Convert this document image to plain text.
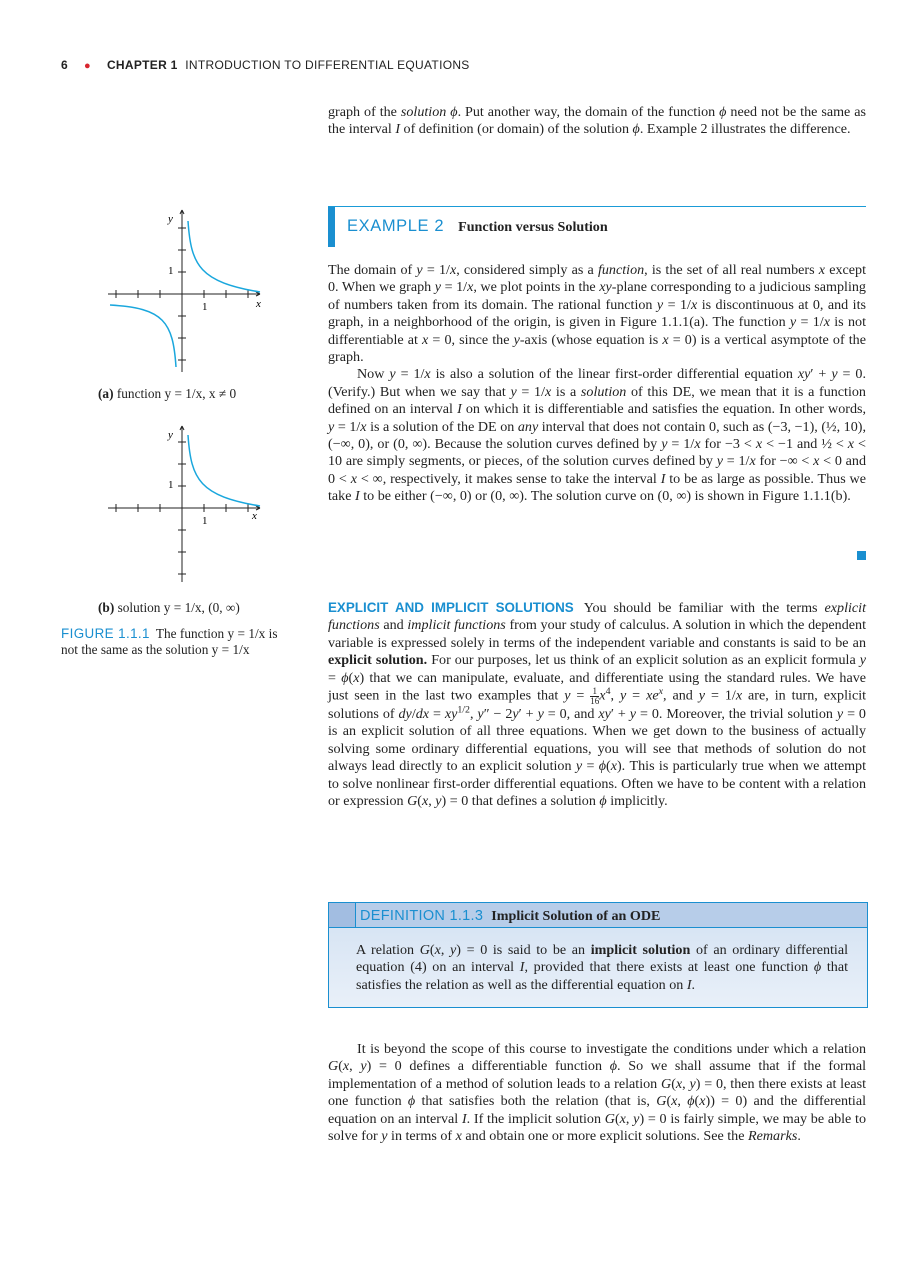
6 ● CHAPTER 1 INTRODUCTION TO DIFFERENTIAL EQUATIONS

graph of the solution ϕ. Put another way, the domain of the function ϕ need not be the same as the interval I of definition (or domain) of the solution ϕ. Example 2 illustrates the difference.

EXAMPLE 2 Function versus Solution

The domain of y = 1/x, considered simply as a function, is the set of all real numbers x except 0. When we graph y = 1/x, we plot points in the xy-plane corresponding to a judicious sampling of numbers taken from its domain. The rational function y = 1/x is discontinuous at 0, and its graph, in a neighborhood of the origin, is given in Figure 1.1.1(a). The function y = 1/x is not differentiable at x = 0, since the y-axis (whose equation is x = 0) is a vertical asymptote of the graph.

Now y = 1/x is also a solution of the linear first-order differential equation xy′ + y = 0. (Verify.) But when we say that y = 1/x is a solution of this DE, we mean that it is a function defined on an interval I on which it is differentiable and satisfies the equation. In other words, y = 1/x is a solution of the DE on any interval that does not contain 0, such as (−3, −1), (½, 10), (−∞, 0), or (0, ∞). Because the solution curves defined by y = 1/x for −3 < x < −1 and ½ < x < 10 are simply segments, or pieces, of the solution curves defined by y = 1/x for −∞ < x < 0 and 0 < x < ∞, respectively, it makes sense to take the interval I to be as large as possible. Thus we take I to be either (−∞, 0) or (0, ∞). The solution curve on (0, ∞) is shown in Figure 1.1.1(b).

y
x
1
1
(a) function y = 1/x, x ≠ 0
y
x
1
1
(b) solution y = 1/x, (0, ∞)
FIGURE 1.1.1 The function y = 1/x is not the same as the solution y = 1/x

EXPLICIT AND IMPLICIT SOLUTIONS You should be familiar with the terms explicit functions and implicit functions from your study of calculus. A solution in which the dependent variable is expressed solely in terms of the independent variable and constants is said to be an explicit solution. For our purposes, let us think of an explicit solution as an explicit formula y = ϕ(x) that we can manipulate, evaluate, and differentiate using the standard rules. We have just seen in the last two examples that $y = \frac{1}{16} x^4$, $y = xe^x$, and y = 1/x are, in turn, explicit solutions of $dy/dx = xy^{1/2}$, y″ − 2y′ + y = 0, and xy′ + y = 0. Moreover, the trivial solution y = 0 is an explicit solution of all three equations. When we get down to the business of actually solving some ordinary differential equations, you will see that methods of solution do not always lead directly to an explicit solution y = ϕ(x). This is particularly true when we attempt to solve nonlinear first-order differential equations. Often we have to be content with a relation or expression G(x, y) = 0 that defines a solution ϕ implicitly.

DEFINITION 1.1.3 Implicit Solution of an ODE
A relation G(x, y) = 0 is said to be an implicit solution of an ordinary differential equation (4) on an interval I, provided that there exists at least one function ϕ that satisfies the relation as well as the differential equation on I.

It is beyond the scope of this course to investigate the conditions under which a relation G(x, y) = 0 defines a differentiable function ϕ. So we shall assume that if the formal implementation of a method of solution leads to a relation G(x, y) = 0, then there exists at least one function ϕ that satisfies both the relation (that is, G(x, ϕ(x)) = 0) and the differential equation on an interval I. If the implicit solution G(x, y) = 0 is fairly simple, we may be able to solve for y in terms of x and obtain one or more explicit solutions. See the Remarks.
